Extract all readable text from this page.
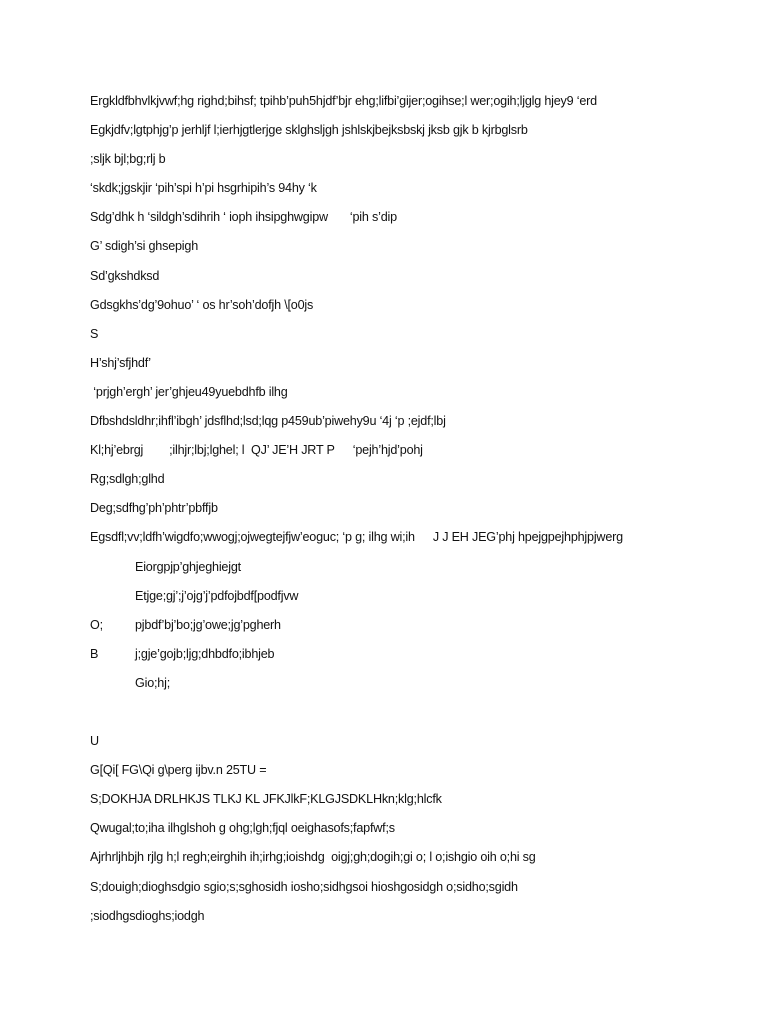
Ergkldfbhvlkjvwf;hg righd;bihsf; tpihb’puh5hjdf’bjr ehg;lifbi’gijer;ogihse;l wer;ogih;ljglg hjey9 ‘erd
Egkjdfv;lgtphjg’p jerhljf l;ierhjgtlerjge sklghsljgh jshlskjbejksbskj jksb gjk b kjrbglsrb
;sljk bjl;bg;rlj b
‘skdk;jgskjir ‘pih’spi h’pi hsgrhipih’s 94hy ‘k
Sdg’dhk h ‘sildgh’sdihrih ‘ ioph ihsipghwgipw ‘pih s’dip
G’ sdigh’si ghsepigh
Sd’gkshdksd
Gdsgkhs’dg’9ohuo’ ‘ os hr’soh’dofjh \[o0js
S
H’shj’sfjhdf’
‘prjgh’ergh’ jer’ghjeu49yuebdhfb ilhg
Dfbshdsldhr;ihfl’ibgh’ jdsflhd;lsd;lqg p459ub’piwehy9u ‘4j ‘p ;ejdf;lbj
Kl;hj’ebrgj ;ilhjr;lbj;lghel; l  QJ’ JE’H JRT P ‘pejh’hjd’pohj
Rg;sdlgh;glhd
Deg;sdfhg’ph’phtr’pbffjb
Egsdfl;vv;ldfh’wigdfo;wwogj;ojwegtejfjw’eoguc; ‘p g; ilhg wi;ih J J EH JEG’phj hpejgpejhphjpjwerg
Eiorgpjp’ghjeghiejgt
Etjge;gj’;j’ojg’j’pdfojbdf[podfjvw
O;	pjbdf’bj’bo;jg’owe;jg’pgherh
B	j;gje’gojb;ljg;dhbdfo;ibhjeb
Gio;hj;
U
G[Qi[ FG\Qi g\perg ijbv.n 25TU =
S;DOKHJA DRLHKJS TLKJ KL JFKJlkF;KLGJSDKLHkn;klg;hlcfk
Qwugal;to;iha ilhglshoh g ohg;lgh;fjql oeighasofs;fapfwf;s
Ajrhrljhbjh rjlg h;l regh;eirghih ih;irhg;ioishdg  oigj;gh;dogih;gi o; l o;ishgio oih o;hi sg
S;douigh;dioghsdgio sgio;s;sghosidh iosho;sidhgsoi hioshgosidgh o;sidho;sgidh
;siodhgsdioghs;iodgh
